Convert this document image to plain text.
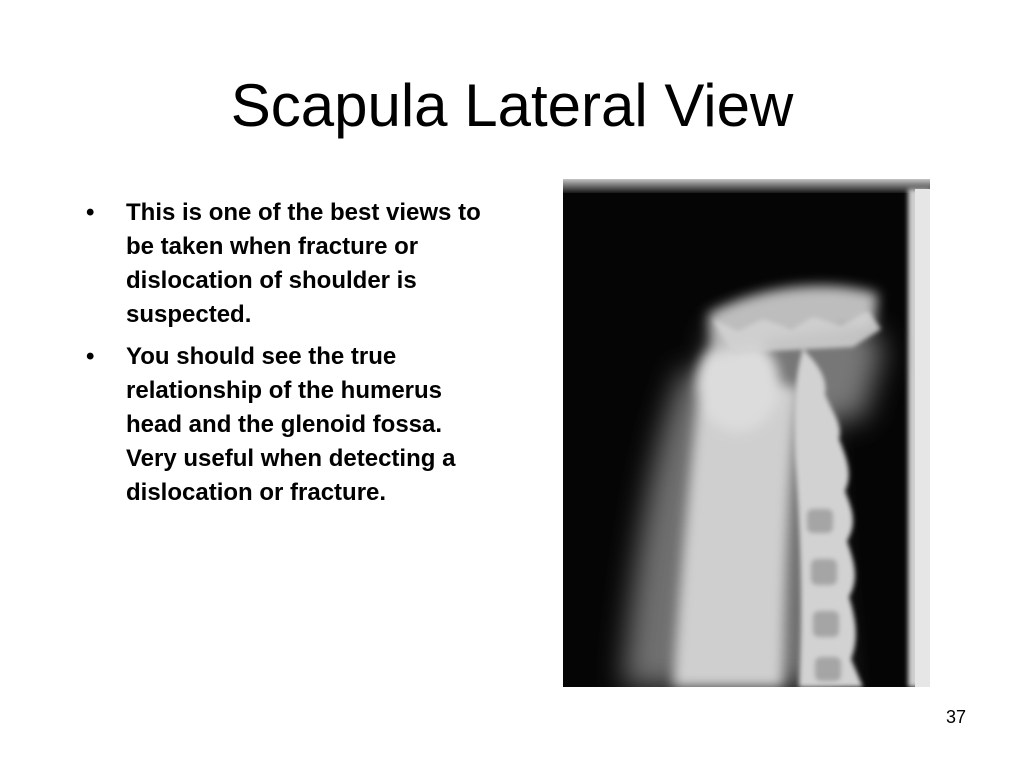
Scapula Lateral View
• This is one of the best views to be taken when fracture or dislocation of shoulder is suspected.
• You should see the true relationship of the humerus head and the glenoid fossa. Very useful when detecting a dislocation or fracture.
37
